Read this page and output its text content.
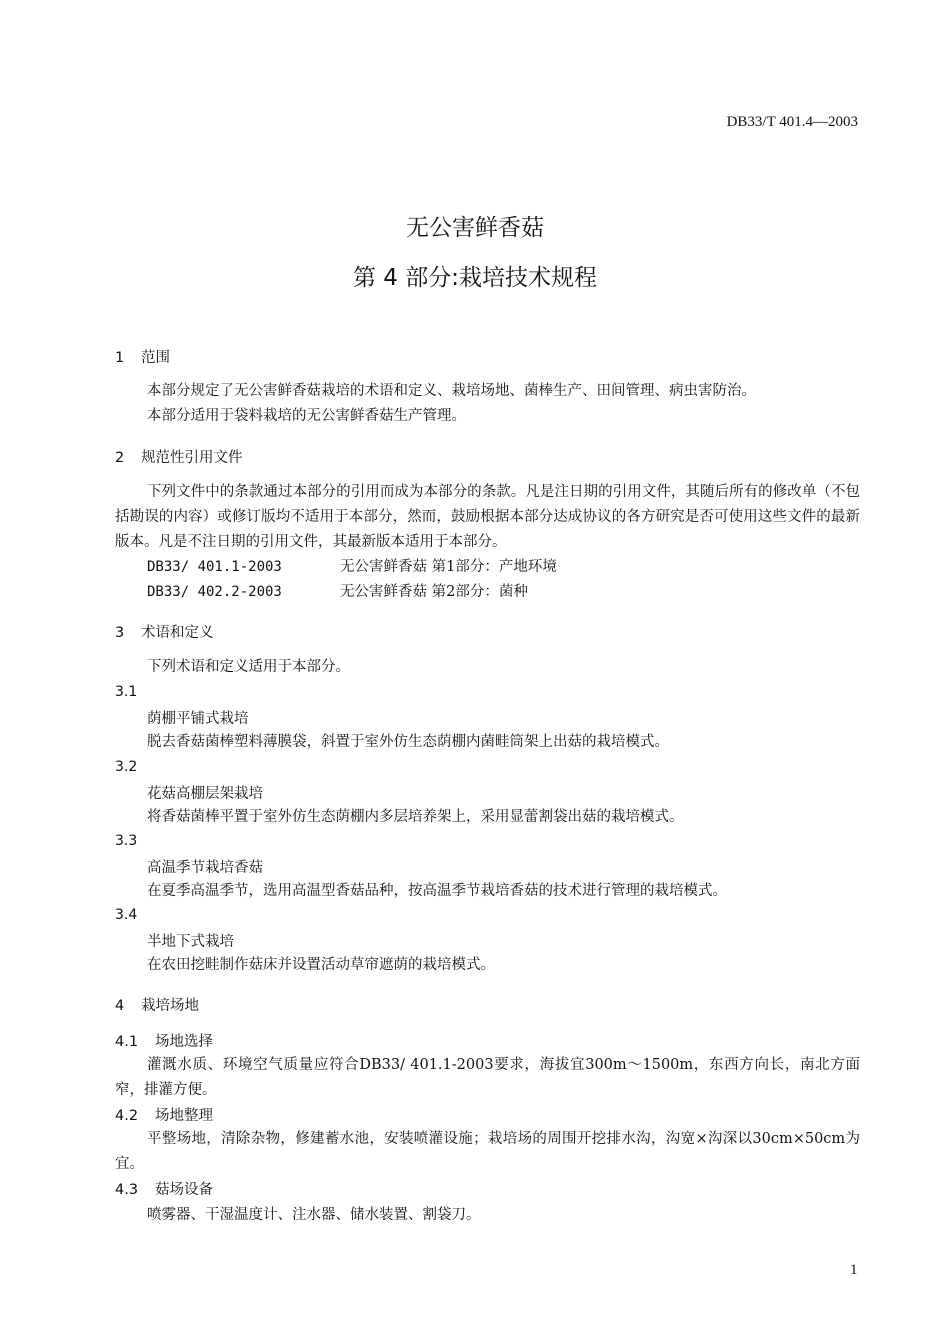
DB33/T 401.4—2003
无公害鲜香菇
第 4 部分:栽培技术规程
1 范围
本部分规定了无公害鲜香菇栽培的术语和定义、栽培场地、菌棒生产、田间管理、病虫害防治。
本部分适用于袋料栽培的无公害鲜香菇生产管理。
2 规范性引用文件
下列文件中的条款通过本部分的引用而成为本部分的条款。凡是注日期的引用文件，其随后所有的修改单（不包括勘误的内容）或修订版均不适用于本部分，然而，鼓励根据本部分达成协议的各方研究是否可使用这些文件的最新版本。凡是不注日期的引用文件，其最新版本适用于本部分。
DB33/ 401.1-2003	无公害鲜香菇 第1部分：产地环境
DB33/ 402.2-2003	无公害鲜香菇 第2部分：菌种
3 术语和定义
下列术语和定义适用于本部分。
3.1
荫棚平铺式栽培
脱去香菇菌棒塑料薄膜袋，斜置于室外仿生态荫棚内菌畦筒架上出菇的栽培模式。
3.2
花菇高棚层架栽培
将香菇菌棒平置于室外仿生态荫棚内多层培养架上，采用显蕾割袋出菇的栽培模式。
3.3
高温季节栽培香菇
在夏季高温季节，选用高温型香菇品种，按高温季节栽培香菇的技术进行管理的栽培模式。
3.4
半地下式栽培
在农田挖畦制作菇床并设置活动草帘遮荫的栽培模式。
4 栽培场地
4.1 场地选择
灌溉水质、环境空气质量应符合DB33/ 401.1-2003要求，海拔宜300m～1500m，东西方向长，南北方面窄，排灌方便。
4.2 场地整理
平整场地，清除杂物，修建蓄水池，安装喷灌设施；栽培场的周围开挖排水沟，沟宽×沟深以30cm×50cm为宜。
4.3 菇场设备
喷雾器、干湿温度计、注水器、储水装置、割袋刀。
1
